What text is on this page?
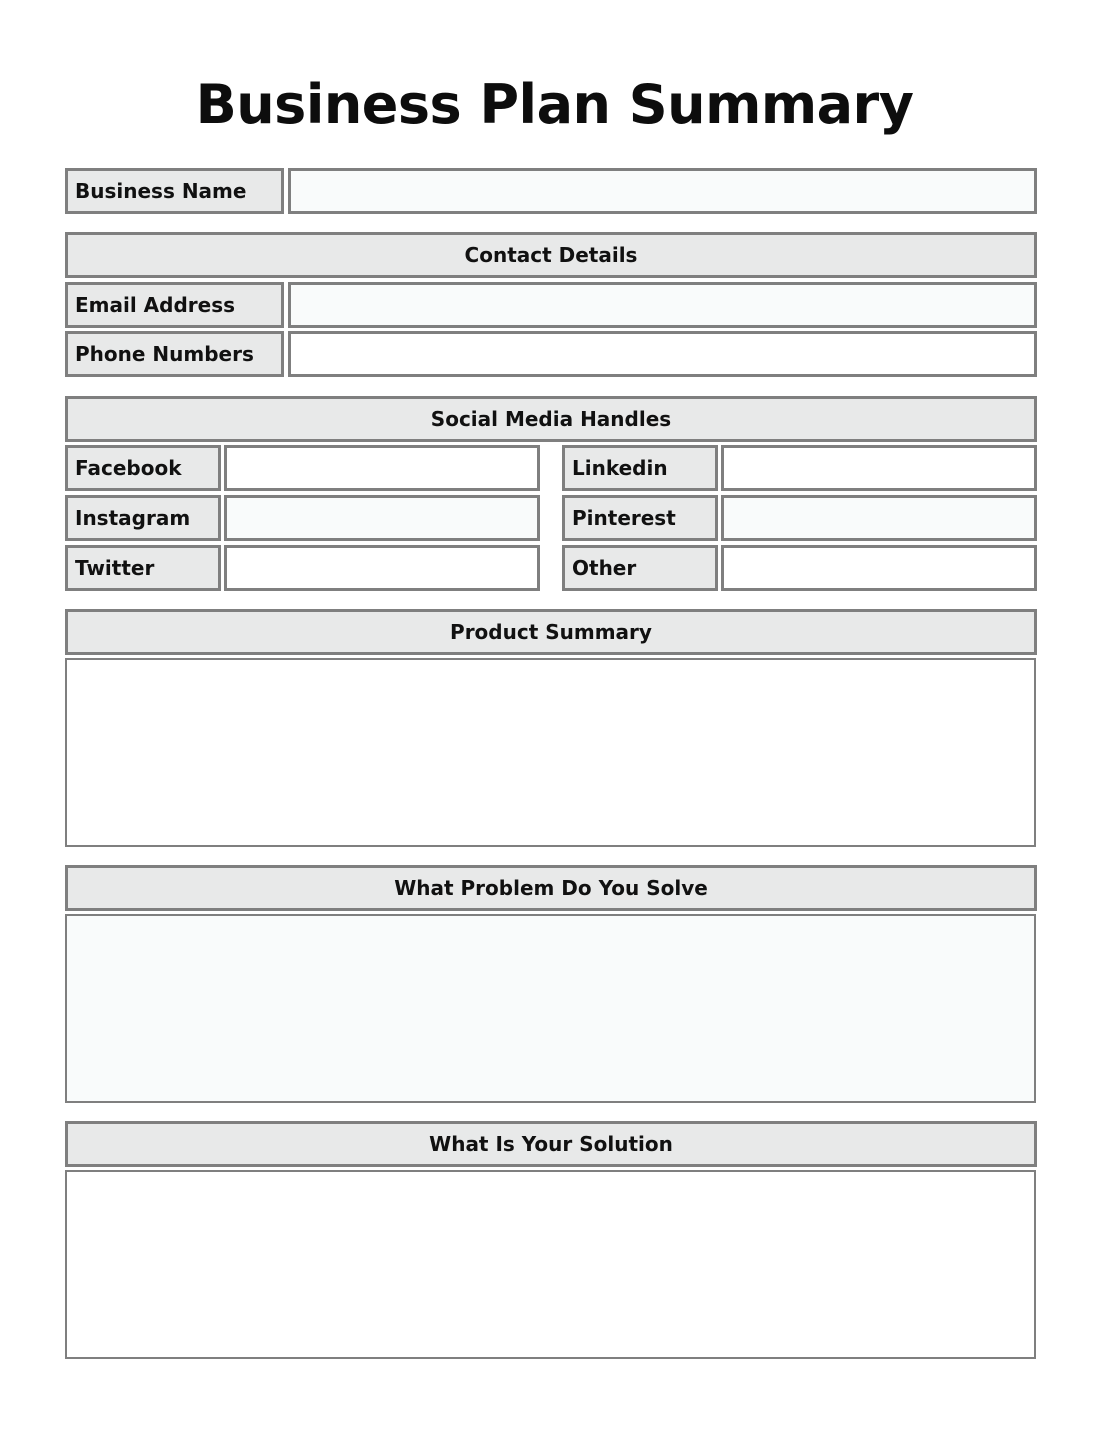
Business Plan Summary
Business Name
Contact Details
Email Address
Phone Numbers
Social Media Handles
Facebook	Linkedin
Instagram	Pinterest
Twitter	Other
Product Summary
What Problem Do You Solve
What Is Your Solution
